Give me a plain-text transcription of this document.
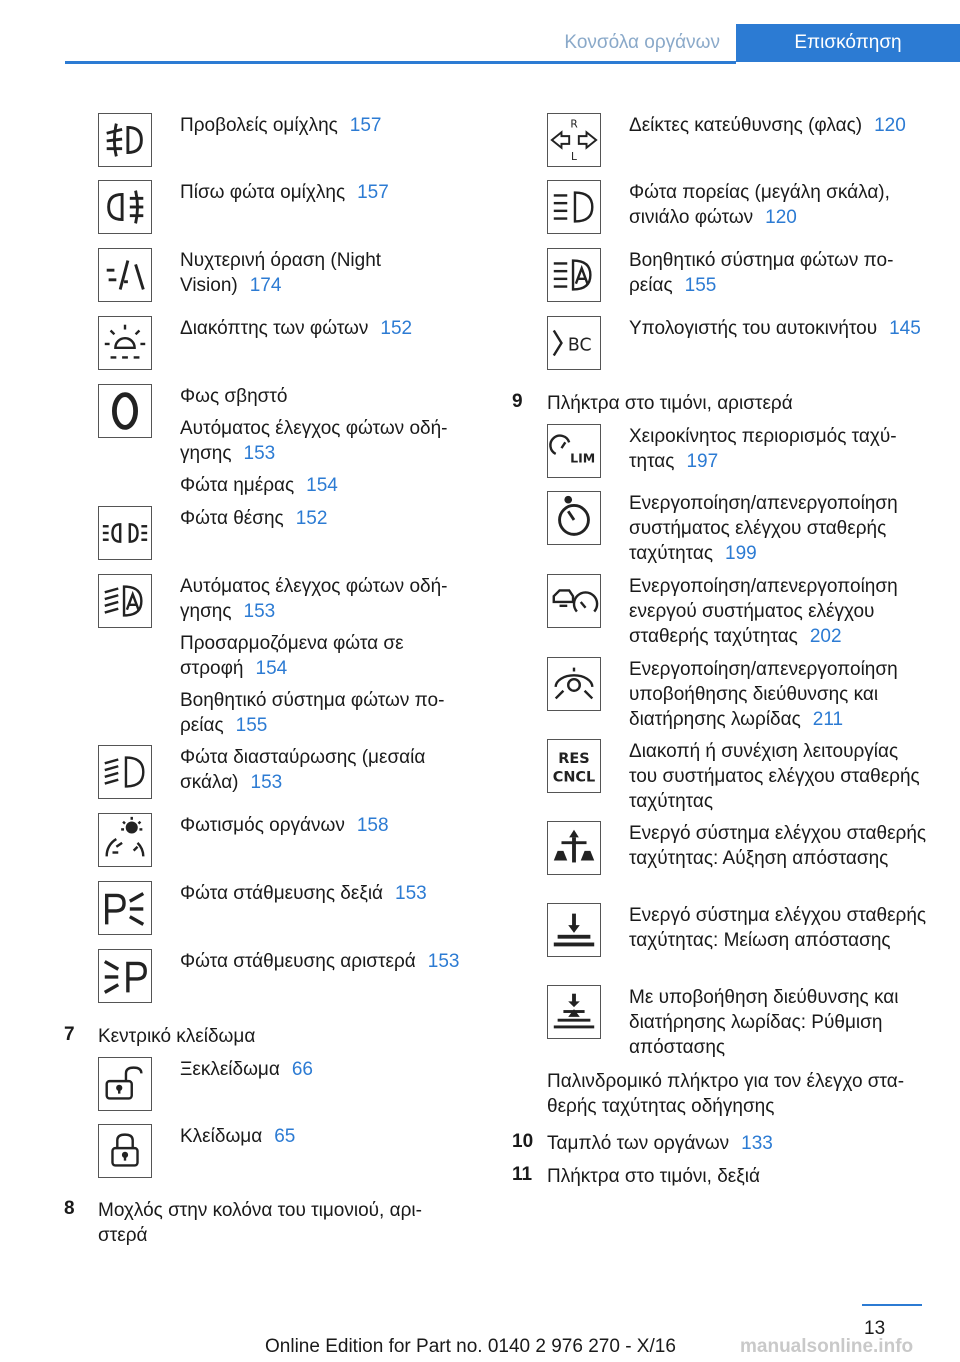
Κονσόλα οργάνων	Επισκόπηση
Προβολείς ομίχλης 157
Πίσω φώτα ομίχλης 157
Νυχτερινή όραση (Night Vision) 174
Διακόπτης των φώτων 152
Φως σβηστό
Αυτόματος έλεγχος φώτων οδήγησης 153
Φώτα ημέρας 154
Φώτα θέσης 152
Αυτόματος έλεγχος φώτων οδήγησης 153
Προσαρμοζόμενα φώτα σε στροφή 154
Βοηθητικό σύστημα φώτων πορείας 155
Φώτα διασταύρωσης (μεσαία σκάλα) 153
Φωτισμός οργάνων 158
Φώτα στάθμευσης δεξιά 153
Φώτα στάθμευσης αριστερά 153
7 Κεντρικό κλείδωμα
Ξεκλείδωμα 66
Κλείδωμα 65
8 Μοχλός στην κολόνα του τιμονιού, αριστερά
R
L
Δείκτες κατεύθυνσης (φλας) 120
Φώτα πορείας (μεγάλη σκάλα), σινιάλο φώτων 120
Βοηθητικό σύστημα φώτων πορείας 155
BC
Υπολογιστής του αυτοκινήτου 145
9 Πλήκτρα στο τιμόνι, αριστερά
LIM
Χειροκίνητος περιορισμός ταχύτητας 197
Ενεργοποίηση/απενεργοποίηση συστήματος ελέγχου σταθερής ταχύτητας 199
Ενεργοποίηση/απενεργοποίηση ενεργού συστήματος ελέγχου σταθερής ταχύτητας 202
Ενεργοποίηση/απενεργοποίηση υποβοήθησης διεύθυνσης και διατήρησης λωρίδας 211
RES
CNCL
Διακοπή ή συνέχιση λειτουργίας του συστήματος ελέγχου σταθερής ταχύτητας
Ενεργό σύστημα ελέγχου σταθερής ταχύτητας: Αύξηση απόστασης
Ενεργό σύστημα ελέγχου σταθερής ταχύτητας: Μείωση απόστασης
Με υποβοήθηση διεύθυνσης και διατήρησης λωρίδας: Ρύθμιση απόστασης
Παλινδρομικό πλήκτρο για τον έλεγχο σταθερής ταχύτητας οδήγησης
10 Ταμπλό των οργάνων 133
11 Πλήκτρα στο τιμόνι, δεξιά
13
Online Edition for Part no. 0140 2 976 270 - X/16	manualsonline.info
